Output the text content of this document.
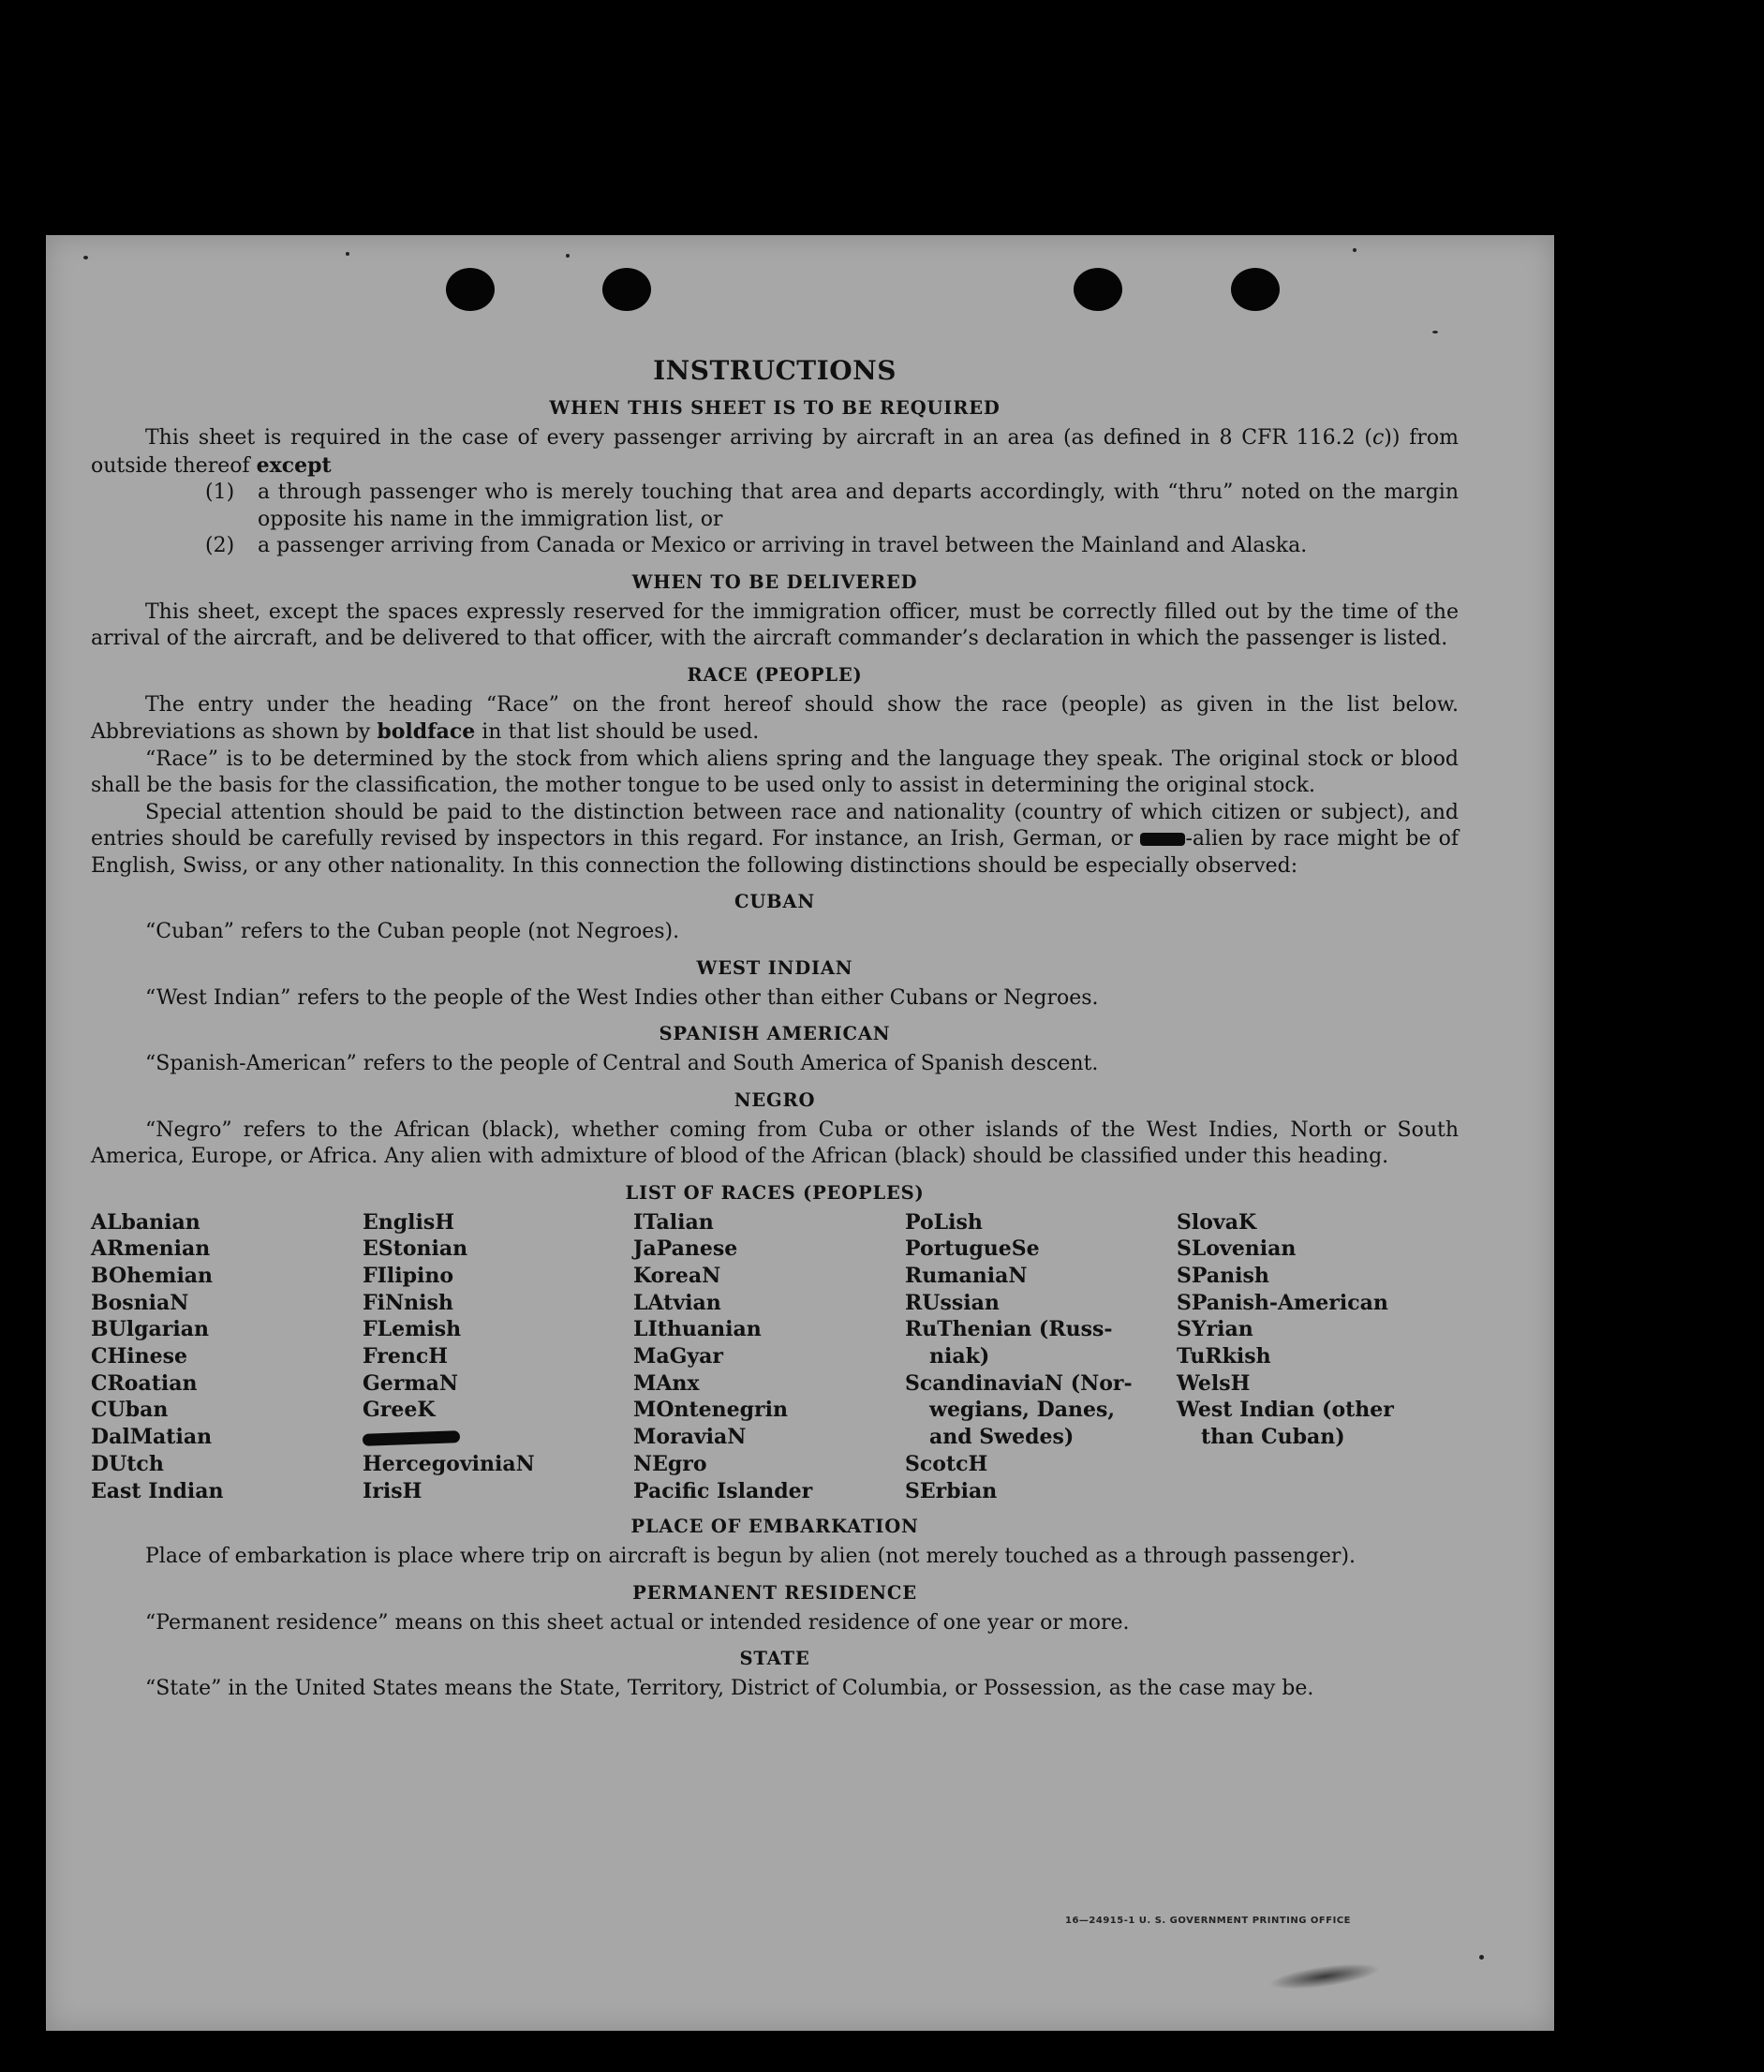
INSTRUCTIONS
WHEN THIS SHEET IS TO BE REQUIRED

This sheet is required in the case of every passenger arriving by aircraft in an area (as defined in 8 CFR 116.2 (c)) from outside thereof except

(1)	a through passenger who is merely touching that area and departs accordingly, with “thru” noted on the margin opposite his name in the immigration list, or
(2)	a passenger arriving from Canada or Mexico or arriving in travel between the Mainland and Alaska.
WHEN TO BE DELIVERED

This sheet, except the spaces expressly reserved for the immigration officer, must be correctly filled out by the time of the arrival of the aircraft, and be delivered to that officer, with the aircraft commander’s declaration in which the passenger is listed.

RACE (PEOPLE)

The entry under the heading “Race” on the front hereof should show the race (people) as given in the list below. Abbreviations as shown by boldface in that list should be used.

“Race” is to be determined by the stock from which aliens spring and the language they speak. The original stock or blood shall be the basis for the classification, the mother tongue to be used only to assist in determining the original stock.

Special attention should be paid to the distinction between race and nationality (country of which citizen or subject), and entries should be carefully revised by inspectors in this regard. For instance, an Irish, German, or -alien by race might be of English, Swiss, or any other nationality. In this connection the following distinctions should be especially observed:

CUBAN

“Cuban” refers to the Cuban people (not Negroes).

WEST INDIAN

“West Indian” refers to the people of the West Indies other than either Cubans or Negroes.

SPANISH AMERICAN

“Spanish-American” refers to the people of Central and South America of Spanish descent.

NEGRO

“Negro” refers to the African (black), whether coming from Cuba or other islands of the West Indies, North or South America, Europe, or Africa. Any alien with admixture of blood of the African (black) should be classified under this heading.

LIST OF RACES (PEOPLES)
ALbanian
ARmenian
BOhemian
BosniaN
BUlgarian
CHinese
CRoatian
CUban
DalMatian
DUtch
East Indian
EnglisH
EStonian
FIlipino
FiNnish
FLemish
FrencH
GermaN
GreeK
HercegoviniaN
IrisH
ITalian
JaPanese
KoreaN
LAtvian
LIthuanian
MaGyar
MAnx
MOntenegrin
MoraviaN
NEgro
Pacific Islander
PoLish
PortugueSe
RumaniaN
RUssian
RuThenian (Russ-
niak)
ScandinaviaN (Nor-
wegians, Danes,
and Swedes)
ScotcH
SErbian
SlovaK
SLovenian
SPanish
SPanish-American
SYrian
TuRkish
WelsH
West Indian (other
than Cuban)
PLACE OF EMBARKATION

Place of embarkation is place where trip on aircraft is begun by alien (not merely touched as a through passenger).

PERMANENT RESIDENCE

“Permanent residence” means on this sheet actual or intended residence of one year or more.

STATE

“State” in the United States means the State, Territory, District of Columbia, or Possession, as the case may be.

16—24915-1 U. S. GOVERNMENT PRINTING OFFICE
